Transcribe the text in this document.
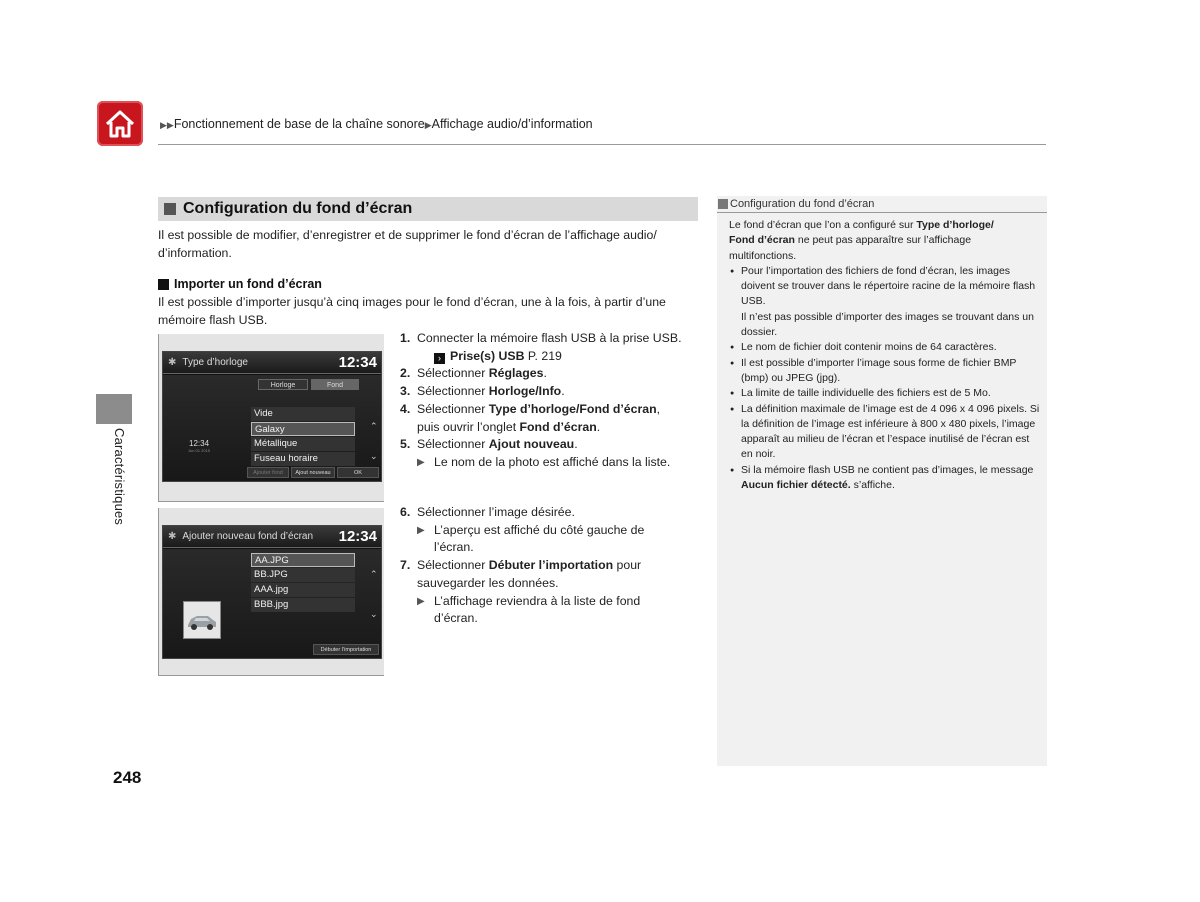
▶▶Fonctionnement de base de la chaîne sonore▶Affichage audio/d’information
Caractéristiques
Configuration du fond d’écran
Il est possible de modifier, d’enregistrer et de supprimer le fond d’écran de l’affichage audio/ d’information.
Importer un fond d’écran
Il est possible d’importer jusqu’à cinq images pour le fond d’écran, une à la fois, à partir d’une mémoire flash USB.
✱ Type d’horloge	12:34
Horloge	Fond
12:34
Jun 01 2015
Vide
Galaxy
Métallique
Fuseau horaire
⌃
⌄
Ajouter fond	Ajout nouveau	OK
✱ Ajouter nouveau fond d’écran 12:34
AA.JPG
BB.JPG
AAA.jpg
BBB.jpg
⌃
⌄
Débuter l’importation
1. Connecter la mémoire flash USB à la prise USB.
› Prise(s) USB P. 219
2. Sélectionner Réglages.
3. Sélectionner Horloge/Info.
4. Sélectionner Type d’horloge/Fond d’écran,
puis ouvrir l’onglet Fond d’écran.
5. Sélectionner Ajout nouveau.
▶ Le nom de la photo est affiché dans la liste.
6. Sélectionner l’image désirée.
▶ L’aperçu est affiché du côté gauche de
l’écran.
7. Sélectionner Débuter l’importation pour
sauvegarder les données.
▶ L’affichage reviendra à la liste de fond
d’écran.
Configuration du fond d’écran
Le fond d’écran que l’on a configuré sur Type d’horloge/
Fond d’écran ne peut pas apparaître sur l’affichage multifonctions.
● Pour l’importation des fichiers de fond d’écran, les images doivent se trouver dans le répertoire racine de la mémoire flash USB.
Il n’est pas possible d’importer des images se trouvant dans un dossier.
● Le nom de fichier doit contenir moins de 64 caractères.
● Il est possible d’importer l’image sous forme de fichier BMP (bmp) ou JPEG (jpg).
● La limite de taille individuelle des fichiers est de 5 Mo.
● La définition maximale de l’image est de 4 096 x 4 096 pixels. Si la définition de l’image est inférieure à 800 x 480 pixels, l’image apparaît au milieu de l’écran et l’espace inutilisé de l’écran est en noir.
● Si la mémoire flash USB ne contient pas d’images, le message Aucun fichier détecté. s’affiche.
248
